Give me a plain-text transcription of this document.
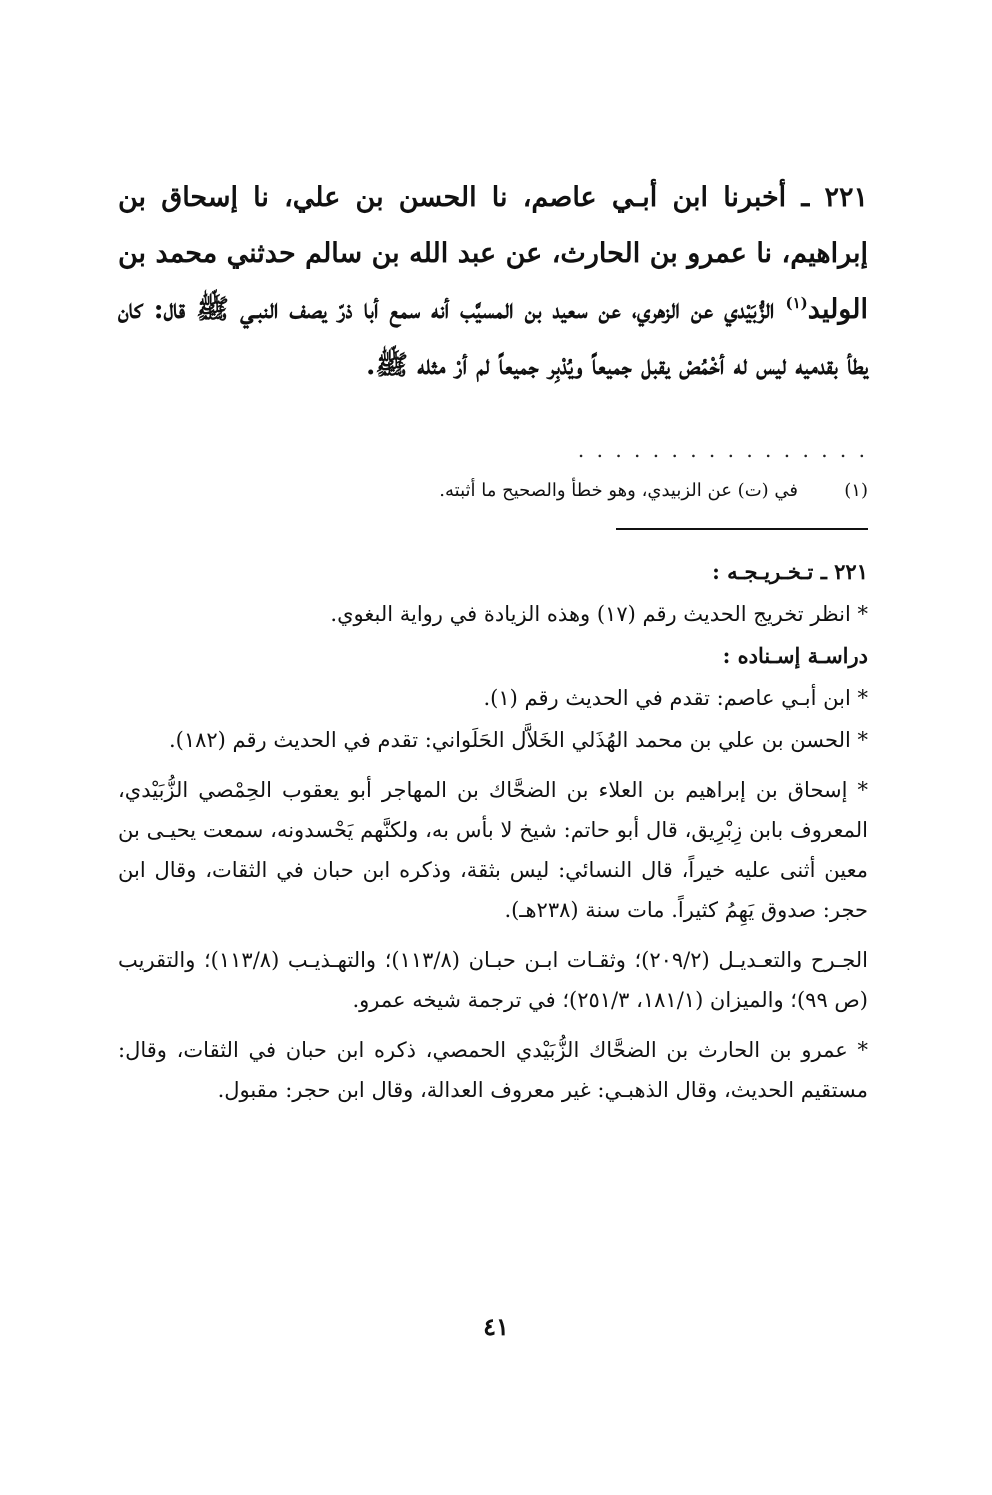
٢٢١ ـ أخبرنا ابن أبـي عاصم، نا الحسن بن علي، نا إسحاق بن إبراهيم، نا عمرو بن الحارث، عن عبد الله بن سالم حدثني محمد بن الوليد$^{(١)}$ الزُّبَيْدي عن الزهري، عن سعيد بن المسيَّب أنه سمع أبا ذرّ يصف النبـي ﷺ قال: كان يطأ بقدميه ليس له أخْمُصْ يقبل جميعاً ويُدْبِر جميعاً لم أرْ مثله ﷺ.
. . . . . . . . . . . . . . . .
(١)في (ت) عن الزبيدي، وهو خطأ والصحيح ما أثبته.

٢٢١ ـ تـخـريـجـه :

* انظر تخريج الحديث رقم (١٧) وهذه الزيادة في رواية البغوي.

دراسـة إسـناده :

* ابن أبـي عاصم: تقدم في الحديث رقم (١).

* الحسن بن علي بن محمد الهُذَلي الخَلاَّل الحَلَواني: تقدم في الحديث رقم (١٨٢).

* إسحاق بن إبراهيم بن العلاء بن الضحَّاك بن المهاجر أبو يعقوب الحِمْصي الزُّبَيْدي، المعروف بابن زِبْرِيق، قال أبو حاتم: شيخ لا بأس به، ولكنَّهم يَحْسدونه، سمعت يحيـى بن معين أثنى عليه خيراً، قال النسائي: ليس بثقة، وذكره ابن حبان في الثقات، وقال ابن حجر: صدوق يَهِمُ كثيراً. مات سنة (٢٣٨هـ).

الجـرح والتعـديـل (٢٠٩/٢)؛ وثقـات ابـن حبـان (١١٣/٨)؛ والتهـذيـب (١١٣/٨)؛ والتقريب (ص ٩٩)؛ والميزان (١٨١/١، ٢٥١/٣)؛ في ترجمة شيخه عمرو.

* عمرو بن الحارث بن الضحَّاك الزُّبَيْدي الحمصي، ذكره ابن حبان في الثقات، وقال: مستقيم الحديث، وقال الذهبـي: غير معروف العدالة، وقال ابن حجر: مقبول.

٤١
